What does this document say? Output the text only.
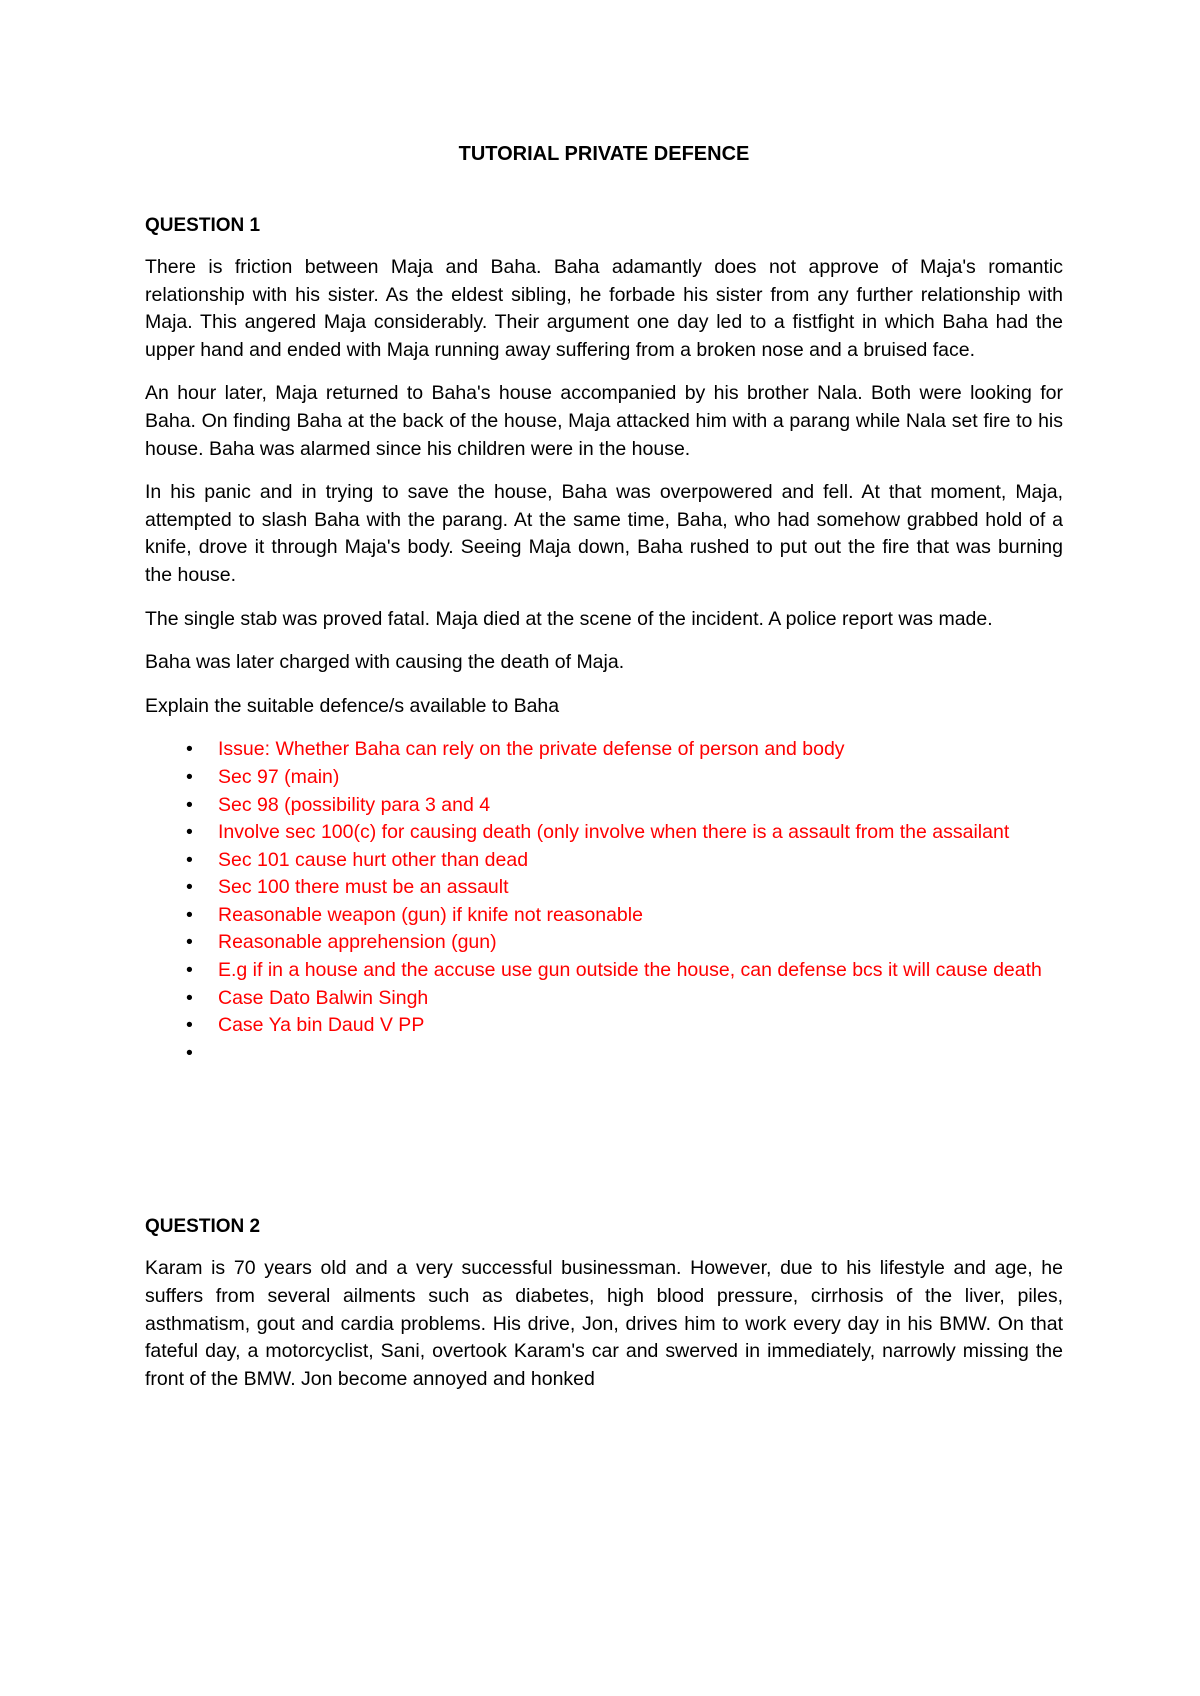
TUTORIAL PRIVATE DEFENCE
QUESTION 1

There is friction between Maja and Baha. Baha adamantly does not approve of Maja's romantic relationship with his sister. As the eldest sibling, he forbade his sister from any further relationship with Maja. This angered Maja considerably. Their argument one day led to a fistfight in which Baha had the upper hand and ended with Maja running away suffering from a broken nose and a bruised face.

An hour later, Maja returned to Baha's house accompanied by his brother Nala. Both were looking for Baha. On finding Baha at the back of the house, Maja attacked him with a parang while Nala set fire to his house. Baha was alarmed since his children were in the house.

In his panic and in trying to save the house, Baha was overpowered and fell. At that moment, Maja, attempted to slash Baha with the parang. At the same time, Baha, who had somehow grabbed hold of a knife, drove it through Maja's body. Seeing Maja down, Baha rushed to put out the fire that was burning the house.

The single stab was proved fatal. Maja died at the scene of the incident. A police report was made.

Baha was later charged with causing the death of Maja.

Explain the suitable defence/s available to Baha

• Issue: Whether Baha can rely on the private defense of person and body
• Sec 97 (main)
• Sec 98 (possibility para 3 and 4
• Involve sec 100(c) for causing death (only involve when there is a assault from the assailant
• Sec 101 cause hurt other than dead
• Sec 100 there must be an assault
• Reasonable weapon (gun) if knife not reasonable
• Reasonable apprehension (gun)
• E.g if in a house and the accuse use gun outside the house, can defense bcs it will cause death
• Case Dato Balwin Singh
• Case Ya bin Daud V PP
•
QUESTION 2

Karam is 70 years old and a very successful businessman. However, due to his lifestyle and age, he suffers from several ailments such as diabetes, high blood pressure, cirrhosis of the liver, piles, asthmatism, gout and cardia problems. His drive, Jon, drives him to work every day in his BMW. On that fateful day, a motorcyclist, Sani, overtook Karam's car and swerved in immediately, narrowly missing the front of the BMW. Jon become annoyed and honked
